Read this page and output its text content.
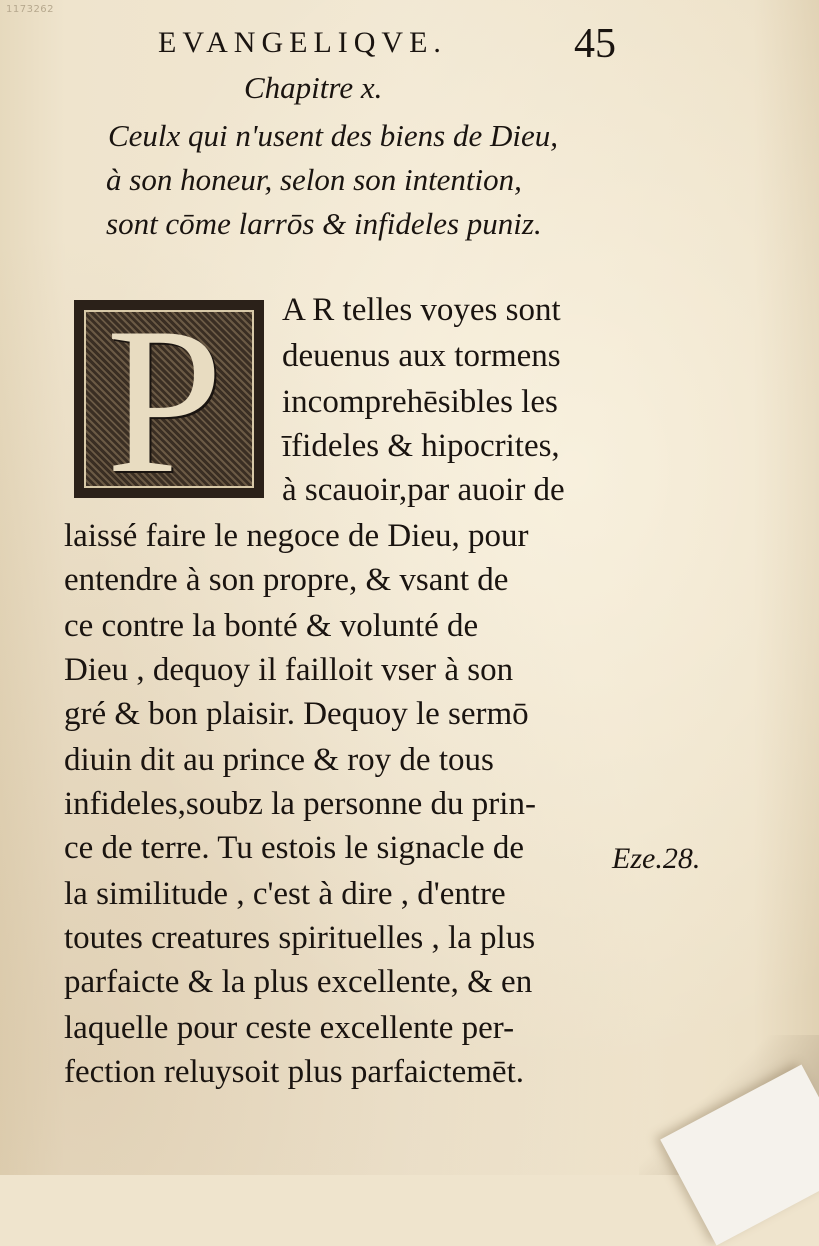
1173262
EVANGELIQVE.	45
Chapitre x.
Ceulx qui n'usent des biens de Dieu,
à son honeur, selon son intention,
sont cōme larrōs & infideles puniz.
P A R telles voyes sont
deuenus aux tormens
incomprehēsibles les
īfideles & hipocrites,
à scauoir,par auoir de
laissé faire le negoce de Dieu, pour
entendre à son propre, & vsant de
ce contre la bonté & volunté de
Dieu , dequoy il failloit vser à son
gré & bon plaisir. Dequoy le sermō
diuin dit au prince & roy de tous
infideles,soubz la personne du prin-
ce de terre. Tu estois le signacle de
la similitude , c'est à dire , d'entre
toutes creatures spirituelles , la plus
parfaicte & la plus excellente, & en
laquelle pour ceste excellente per-
fection reluysoit plus parfaictemēt.
Eze.28.
